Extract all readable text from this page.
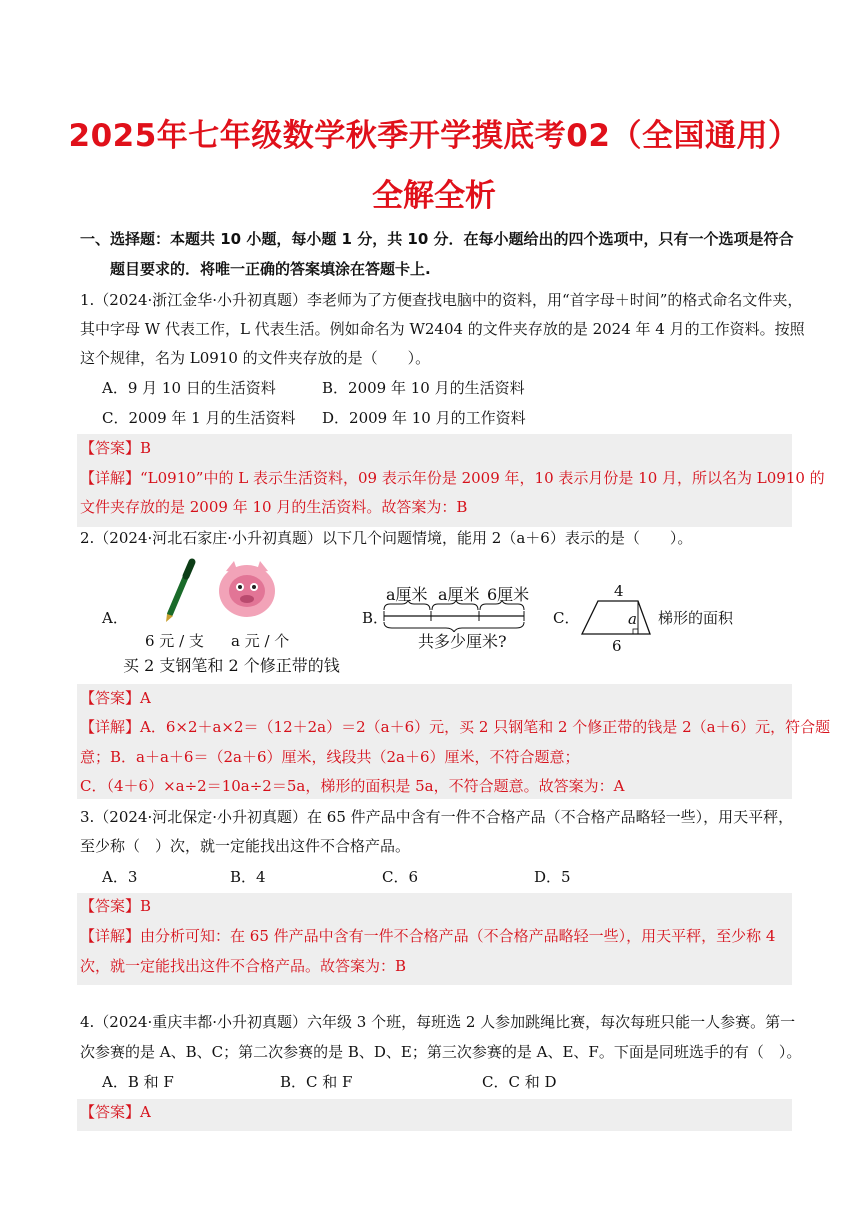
2025年七年级数学秋季开学摸底考02（全国通用）
全解全析
一、选择题：本题共 10 小题，每小题 1 分，共 10 分．在每小题给出的四个选项中，只有一个选项是符合
题目要求的．将唯一正确的答案填涂在答题卡上.
1.（2024·浙江金华·小升初真题）李老师为了方便查找电脑中的资料，用“首字母＋时间”的格式命名文件夹，
其中字母 W 代表工作，L 代表生活。例如命名为 W2404 的文件夹存放的是 2024 年 4 月的工作资料。按照
这个规律，名为 L0910 的文件夹存放的是（　　）。
A．9 月 10 日的生活资料	B．2009 年 10 月的生活资料
C．2009 年 1 月的生活资料 D．2009 年 10 月的工作资料
【答案】B
【详解】“L0910”中的 L 表示生活资料，09 表示年份是 2009 年，10 表示月份是 10 月，所以名为 L0910 的
文件夹存放的是 2009 年 10 月的生活资料。故答案为：B
2.（2024·河北石家庄·小升初真题）以下几个问题情境，能用 2（a＋6）表示的是（　　）。
A．
6 元 / 支 a 元 / 个
买 2 支钢笔和 2 个修正带的钱
B．
a厘米 a厘米 6厘米
共多少厘米?
C．
4
a
6
梯形的面积
【答案】A
【详解】A．6×2＋a×2＝（12＋2a）＝2（a＋6）元，买 2 只钢笔和 2 个修正带的钱是 2（a＋6）元，符合题
意；B．a＋a＋6＝（2a＋6）厘米，线段共（2a＋6）厘米，不符合题意；
C．（4＋6）×a÷2＝10a÷2＝5a，梯形的面积是 5a，不符合题意。故答案为：A
3.（2024·河北保定·小升初真题）在 65 件产品中含有一件不合格产品（不合格产品略轻一些），用天平秤，
至少称（　）次，就一定能找出这件不合格产品。
A．3	B．4	C．6	D．5
【答案】B
【详解】由分析可知：在 65 件产品中含有一件不合格产品（不合格产品略轻一些），用天平秤，至少称 4
次，就一定能找出这件不合格产品。故答案为：B
4.（2024·重庆丰都·小升初真题）六年级 3 个班，每班选 2 人参加跳绳比赛，每次每班只能一人参赛。第一
次参赛的是 A、B、C；第二次参赛的是 B、D、E；第三次参赛的是 A、E、F。下面是同班选手的有（　）。
A．B 和 F	B．C 和 F	C．C 和 D
【答案】A
